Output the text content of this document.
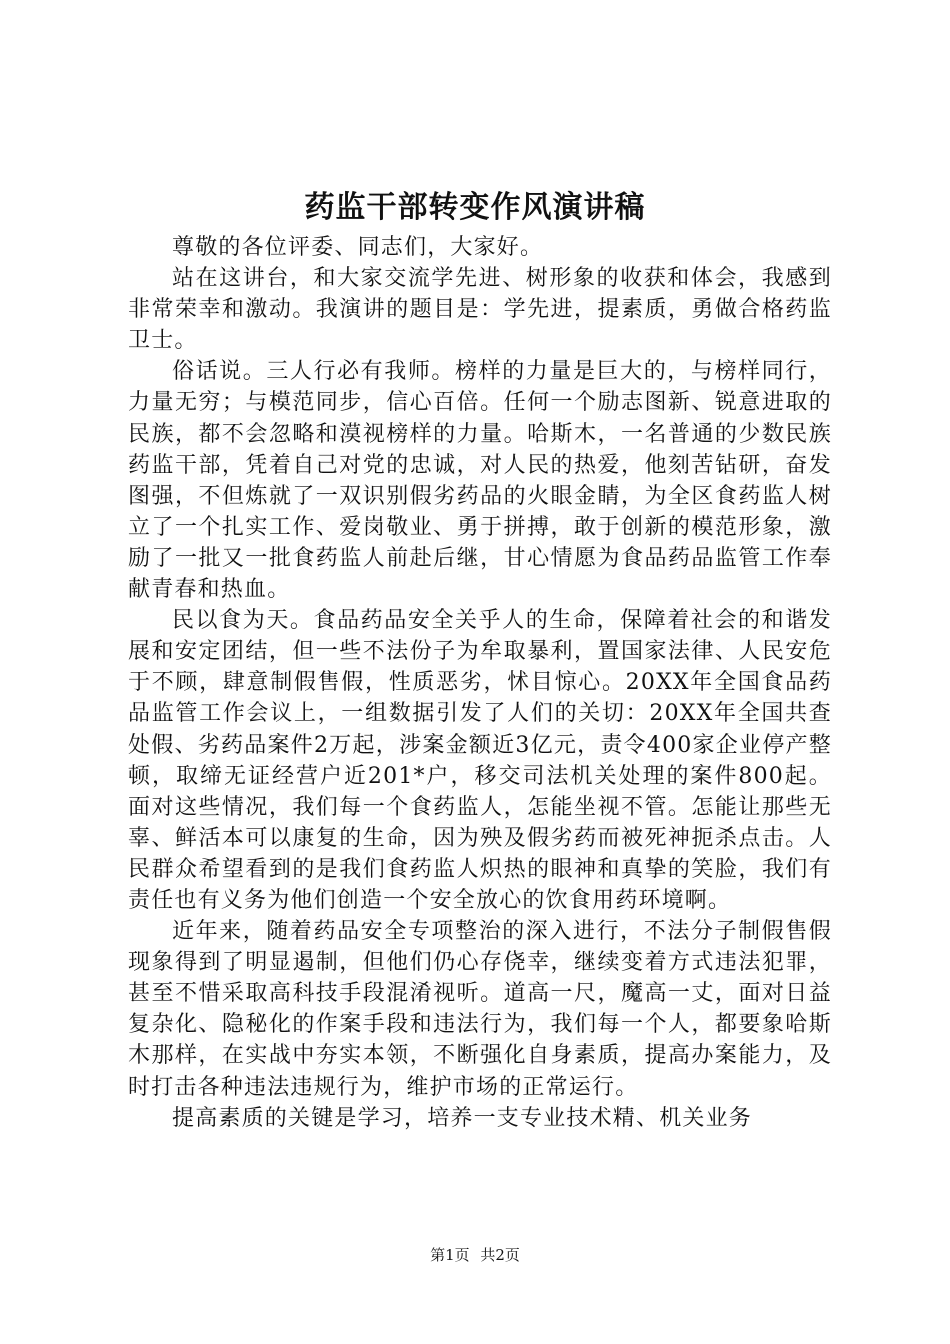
药监干部转变作风演讲稿

尊敬的各位评委、同志们，大家好。

站在这讲台，和大家交流学先进、树形象的收获和体会，我感到非常荣幸和激动。我演讲的题目是：学先进，提素质，勇做合格药监卫士。

俗话说。三人行必有我师。榜样的力量是巨大的，与榜样同行，力量无穷；与模范同步，信心百倍。任何一个励志图新、锐意进取的民族，都不会忽略和漠视榜样的力量。哈斯木，一名普通的少数民族药监干部，凭着自己对党的忠诚，对人民的热爱，他刻苦钻研，奋发图强，不但炼就了一双识别假劣药品的火眼金睛，为全区食药监人树立了一个扎实工作、爱岗敬业、勇于拼搏，敢于创新的模范形象，激励了一批又一批食药监人前赴后继，甘心情愿为食品药品监管工作奉献青春和热血。

民以食为天。食品药品安全关乎人的生命，保障着社会的和谐发展和安定团结，但一些不法份子为牟取暴利，置国家法律、人民安危于不顾，肆意制假售假，性质恶劣，怵目惊心。20XX年全国食品药品监管工作会议上，一组数据引发了人们的关切：20XX年全国共查处假、劣药品案件2万起，涉案金额近3亿元，责令400家企业停产整顿，取缔无证经营户近201*户，移交司法机关处理的案件800起。面对这些情况，我们每一个食药监人，怎能坐视不管。怎能让那些无辜、鲜活本可以康复的生命，因为殃及假劣药而被死神扼杀点击。人民群众希望看到的是我们食药监人炽热的眼神和真挚的笑脸，我们有责任也有义务为他们创造一个安全放心的饮食用药环境啊。

近年来，随着药品安全专项整治的深入进行，不法分子制假售假现象得到了明显遏制，但他们仍心存侥幸，继续变着方式违法犯罪，甚至不惜采取高科技手段混淆视听。道高一尺，魔高一丈，面对日益复杂化、隐秘化的作案手段和违法行为，我们每一个人，都要象哈斯木那样，在实战中夯实本领，不断强化自身素质，提高办案能力，及时打击各种违法违规行为，维护市场的正常运行。

提高素质的关键是学习，培养一支专业技术精、机关业务

第1页 共2页
